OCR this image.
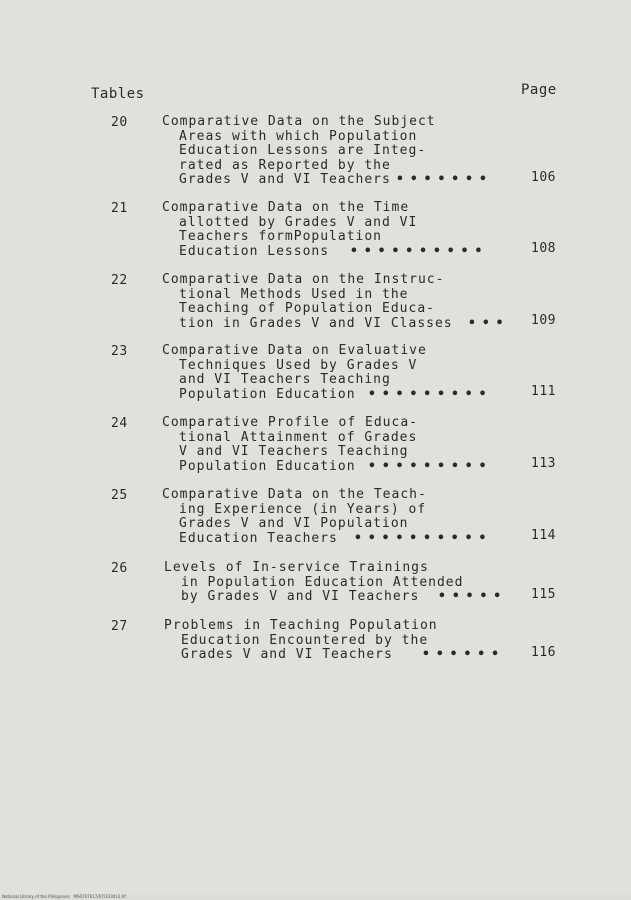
Tables	Page
20	Comparative Data on the Subject
Areas with which Population
Education Lessons are Integ-
rated as Reported by the
Grades V and VI Teachers •••••••	106
21	Comparative Data on the Time
allotted by Grades V and VI
Teachers formPopulation
Education Lessons ••••••••••	108
22	Comparative Data on the Instruc-
tional Methods Used in the
Teaching of Population Educa-
tion in Grades V and VI Classes ••• 109
23	Comparative Data on Evaluative
Techniques Used by Grades V
and VI Teachers Teaching
Population Education •••••••••	111
24	Comparative Profile of Educa-
tional Attainment of Grades
V and VI Teachers Teaching
Population Education •••••••••	113
25	Comparative Data on the Teach-
ing Experience (in Years) of
Grades V and VI Population
Education Teachers ••••••••••	114
26	Levels of In-service Trainings
in Population Education Attended
by Grades V and VI Teachers ••••• 115
27	Problems in Teaching Population
Education Encountered by the
Grades V and VI Teachers •••••• 116
National Library of the Philippines   MS0707017/07/103012.tif
